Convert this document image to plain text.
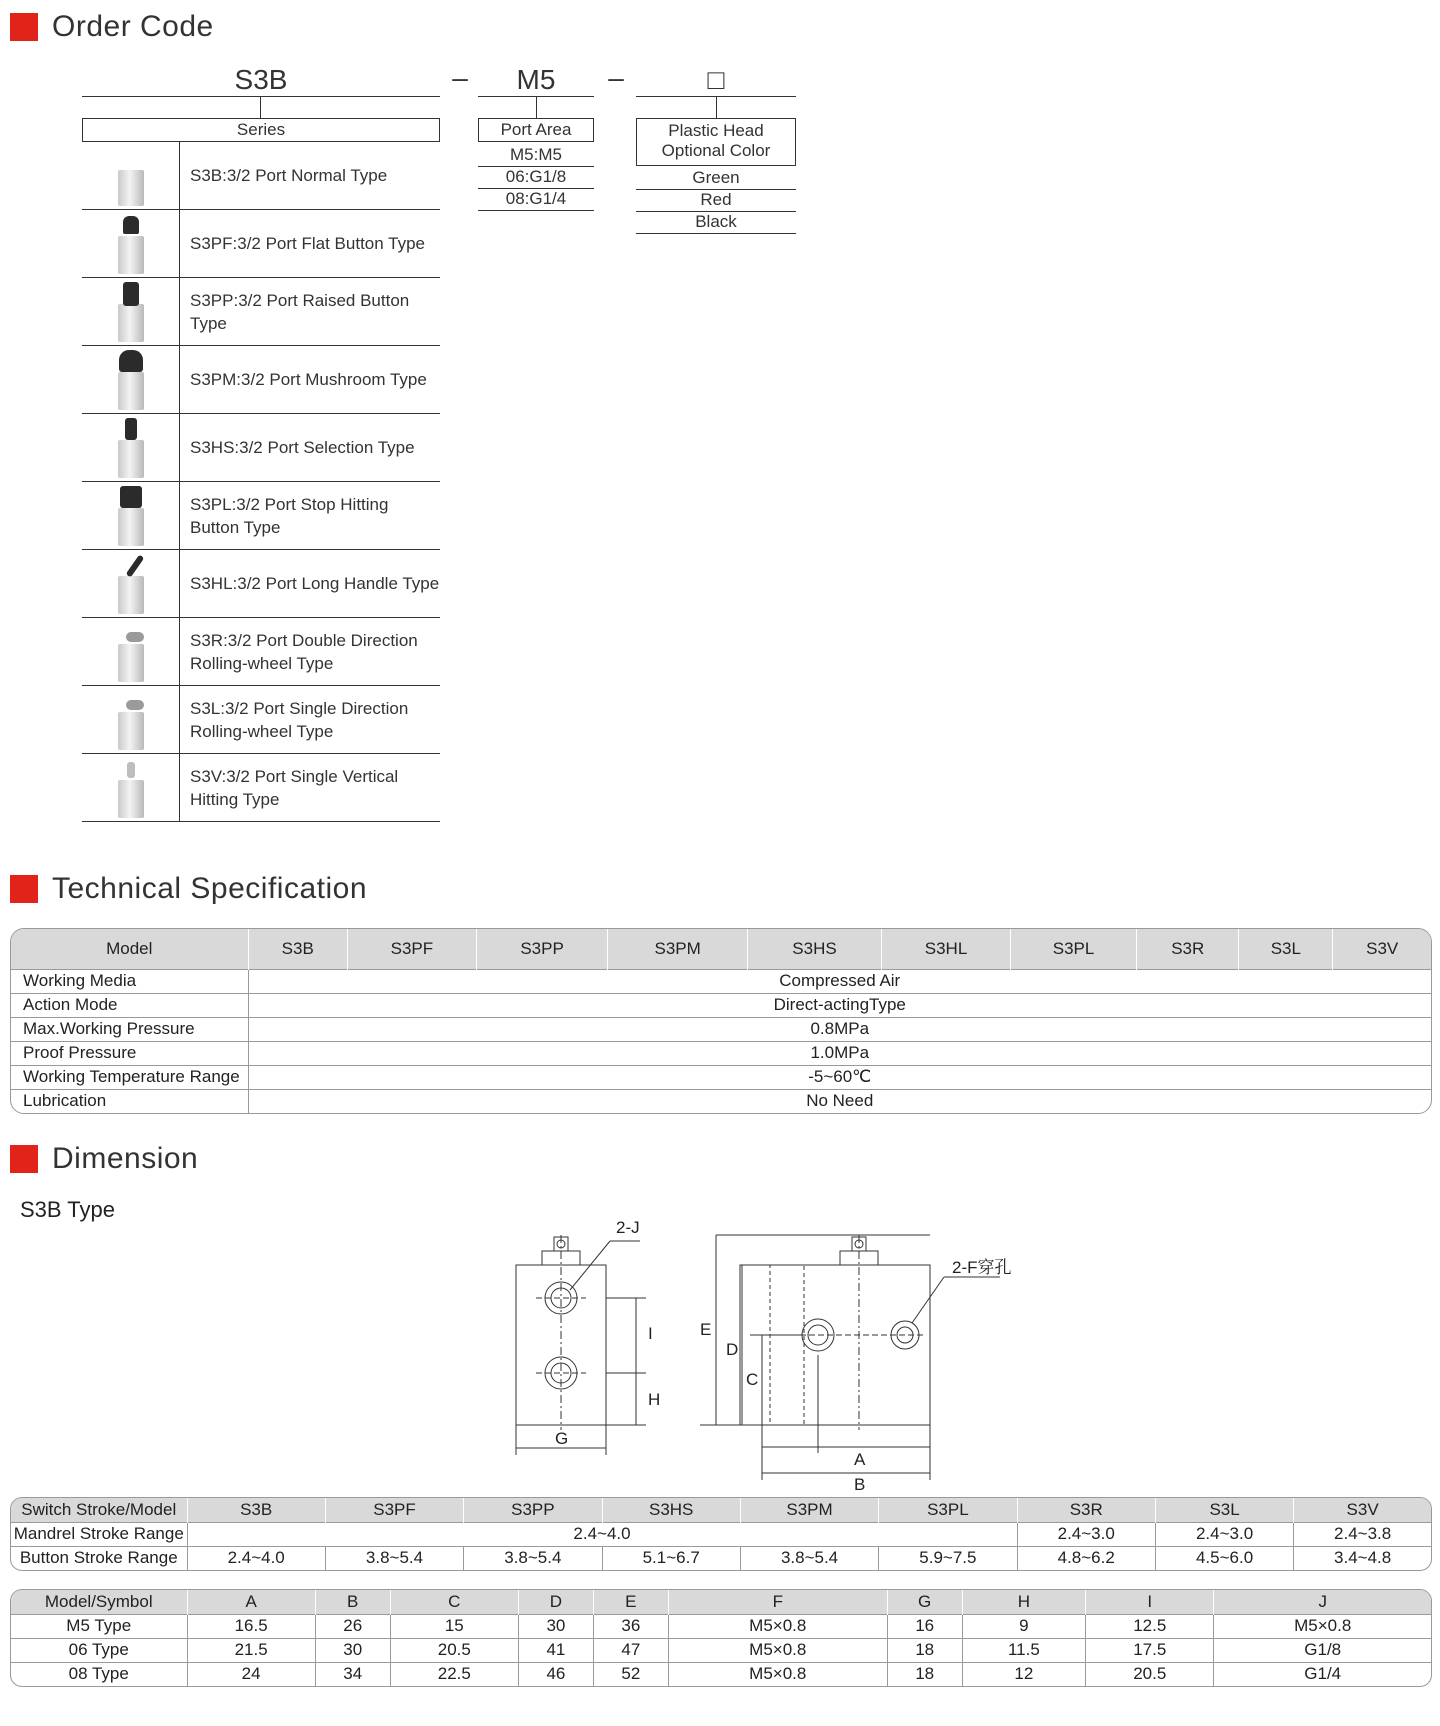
Order Code
S3B	–	M5	–	□
Series
S3B:3/2 Port Normal Type
S3PF:3/2 Port Flat Button Type
S3PP:3/2 Port Raised Button Type
S3PM:3/2 Port Mushroom Type
S3HS:3/2 Port Selection Type
S3PL:3/2 Port Stop Hitting Button Type
S3HL:3/2 Port Long Handle Type
S3R:3/2 Port Double Direction Rolling-wheel Type
S3L:3/2 Port Single Direction Rolling-wheel Type
S3V:3/2 Port Single Vertical Hitting Type
Port Area
M5:M5
06:G1/8
08:G1/4
Plastic Head
Optional Color
Green
Red
Black
Technical Specification
Model	S3B	S3PF	S3PP	S3PM	S3HS	S3HL	S3PL	S3R	S3L	S3V
Working Media	Compressed Air									
Action Mode	Direct-actingType									
Max.Working Pressure	0.8MPa									
Proof Pressure	1.0MPa									
Working Temperature Range	-5~60℃									
Lubrication	No Need									
Dimension
S3B Type
2-J
I
H
G
E
D
C
A
B
2-F穿孔
Switch Stroke/Model	S3B	S3PF	S3PP	S3HS	S3PM	S3PL	S3R	S3L	S3V
Mandrel Stroke Range	2.4~4.0						2.4~3.0	2.4~3.0	2.4~3.8
Button Stroke Range	2.4~4.0	3.8~5.4	3.8~5.4	5.1~6.7	3.8~5.4	5.9~7.5	4.8~6.2	4.5~6.0	3.4~4.8
Model/Symbol	A	B	C	D	E	F	G	H	I	J
M5 Type	16.5	26	15	30	36	M5×0.8	16	9	12.5	M5×0.8
06 Type	21.5	30	20.5	41	47	M5×0.8	18	11.5	17.5	G1/8
08 Type	24	34	22.5	46	52	M5×0.8	18	12	20.5	G1/4
